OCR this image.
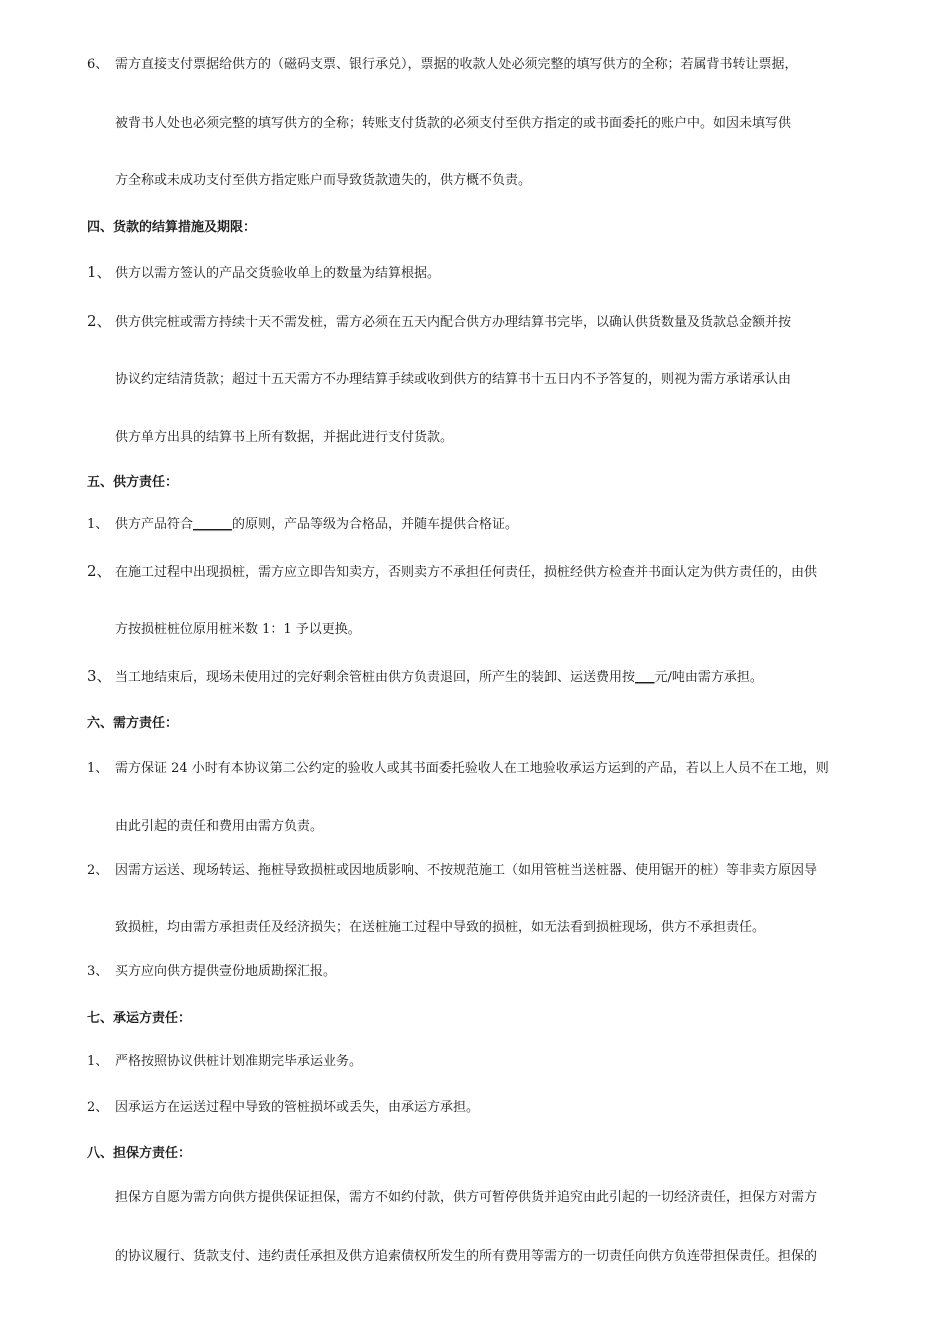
6、 需方直接支付票据给供方的（磁码支票、银行承兑），票据的收款人处必须完整的填写供方的全称；若属背书转让票据，
被背书人处也必须完整的填写供方的全称；转账支付货款的必须支付至供方指定的或书面委托的账户中。如因未填写供
方全称或未成功支付至供方指定账户而导致货款遗失的，供方概不负责。
四、货款的结算措施及期限：
1、 供方以需方签认的产品交货验收单上的数量为结算根据。
2、 供方供完桩或需方持续十天不需发桩，需方必须在五天内配合供方办理结算书完毕，以确认供货数量及货款总金额并按
协议约定结清货款；超过十五天需方不办理结算手续或收到供方的结算书十五日内不予答复的，则视为需方承诺承认由
供方单方出具的结算书上所有数据，并据此进行支付货款。
五、供方责任：
1、 供方产品符合______的原则，产品等级为合格品，并随车提供合格证。
2、 在施工过程中出现损桩，需方应立即告知卖方，否则卖方不承担任何责任，损桩经供方检查并书面认定为供方责任的，由供
方按损桩桩位原用桩米数 1：1 予以更换。
3、 当工地结束后，现场未使用过的完好剩余管桩由供方负责退回，所产生的装卸、运送费用按___元/吨由需方承担。
六、需方责任：
1、 需方保证 24 小时有本协议第二公约定的验收人或其书面委托验收人在工地验收承运方运到的产品，若以上人员不在工地，则
由此引起的责任和费用由需方负责。
2、 因需方运送、现场转运、拖桩导致损桩或因地质影响、不按规范施工（如用管桩当送桩器、使用锯开的桩）等非卖方原因导
致损桩，均由需方承担责任及经济损失；在送桩施工过程中导致的损桩，如无法看到损桩现场，供方不承担责任。
3、 买方应向供方提供壹份地质勘探汇报。
七、承运方责任：
1、 严格按照协议供桩计划准期完毕承运业务。
2、 因承运方在运送过程中导致的管桩损坏或丢失，由承运方承担。
八、担保方责任：
担保方自愿为需方向供方提供保证担保，需方不如约付款，供方可暂停供货并追究由此引起的一切经济责任，担保方对需方
的协议履行、货款支付、违约责任承担及供方追索债权所发生的所有费用等需方的一切责任向供方负连带担保责任。担保的
